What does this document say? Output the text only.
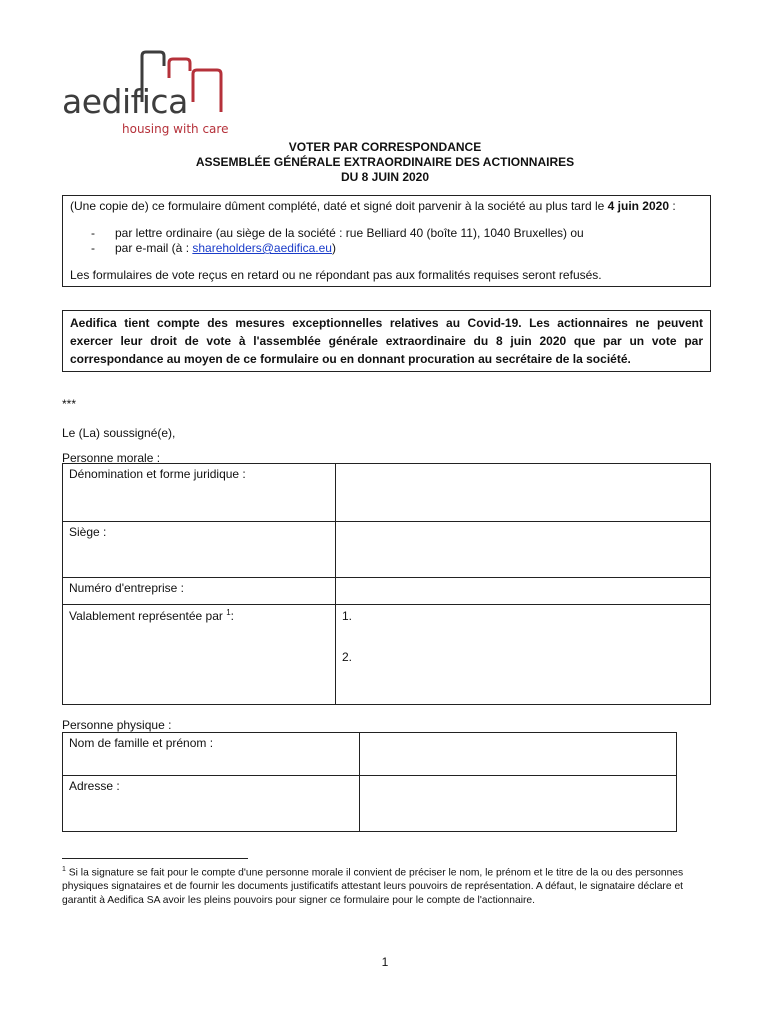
aedifica
housing with care
VOTER PAR CORRESPONDANCE
ASSEMBLÉE GÉNÉRALE EXTRAORDINAIRE DES ACTIONNAIRES
DU 8 JUIN 2020
(Une copie de) ce formulaire dûment complété, daté et signé doit parvenir à la société au plus tard le 4 juin 2020 :
- par lettre ordinaire (au siège de la société : rue Belliard 40 (boîte 11), 1040 Bruxelles) ou
- par e-mail (à : shareholders@aedifica.eu)
Les formulaires de vote reçus en retard ou ne répondant pas aux formalités requises seront refusés.
Aedifica tient compte des mesures exceptionnelles relatives au Covid-19. Les actionnaires ne peuvent
exercer leur droit de vote à l'assemblée générale extraordinaire du 8 juin 2020 que par un vote par
correspondance au moyen de ce formulaire ou en donnant procuration au secrétaire de la société.
***
Le (La) soussigné(e),
Personne morale :
Dénomination et forme juridique :	
Siège :	
Numéro d'entreprise :	
Valablement représentée par $^1$:	1.
2.
Personne physique :
Nom de famille et prénom :	
Adresse :	
$^1$ Si la signature se fait pour le compte d'une personne morale il convient de préciser le nom, le prénom et le titre de la ou des personnes physiques signataires et de fournir les documents justificatifs attestant leurs pouvoirs de représentation. A défaut, le signataire déclare et garantit à Aedifica SA avoir les pleins pouvoirs pour signer ce formulaire pour le compte de l'actionnaire.
1
